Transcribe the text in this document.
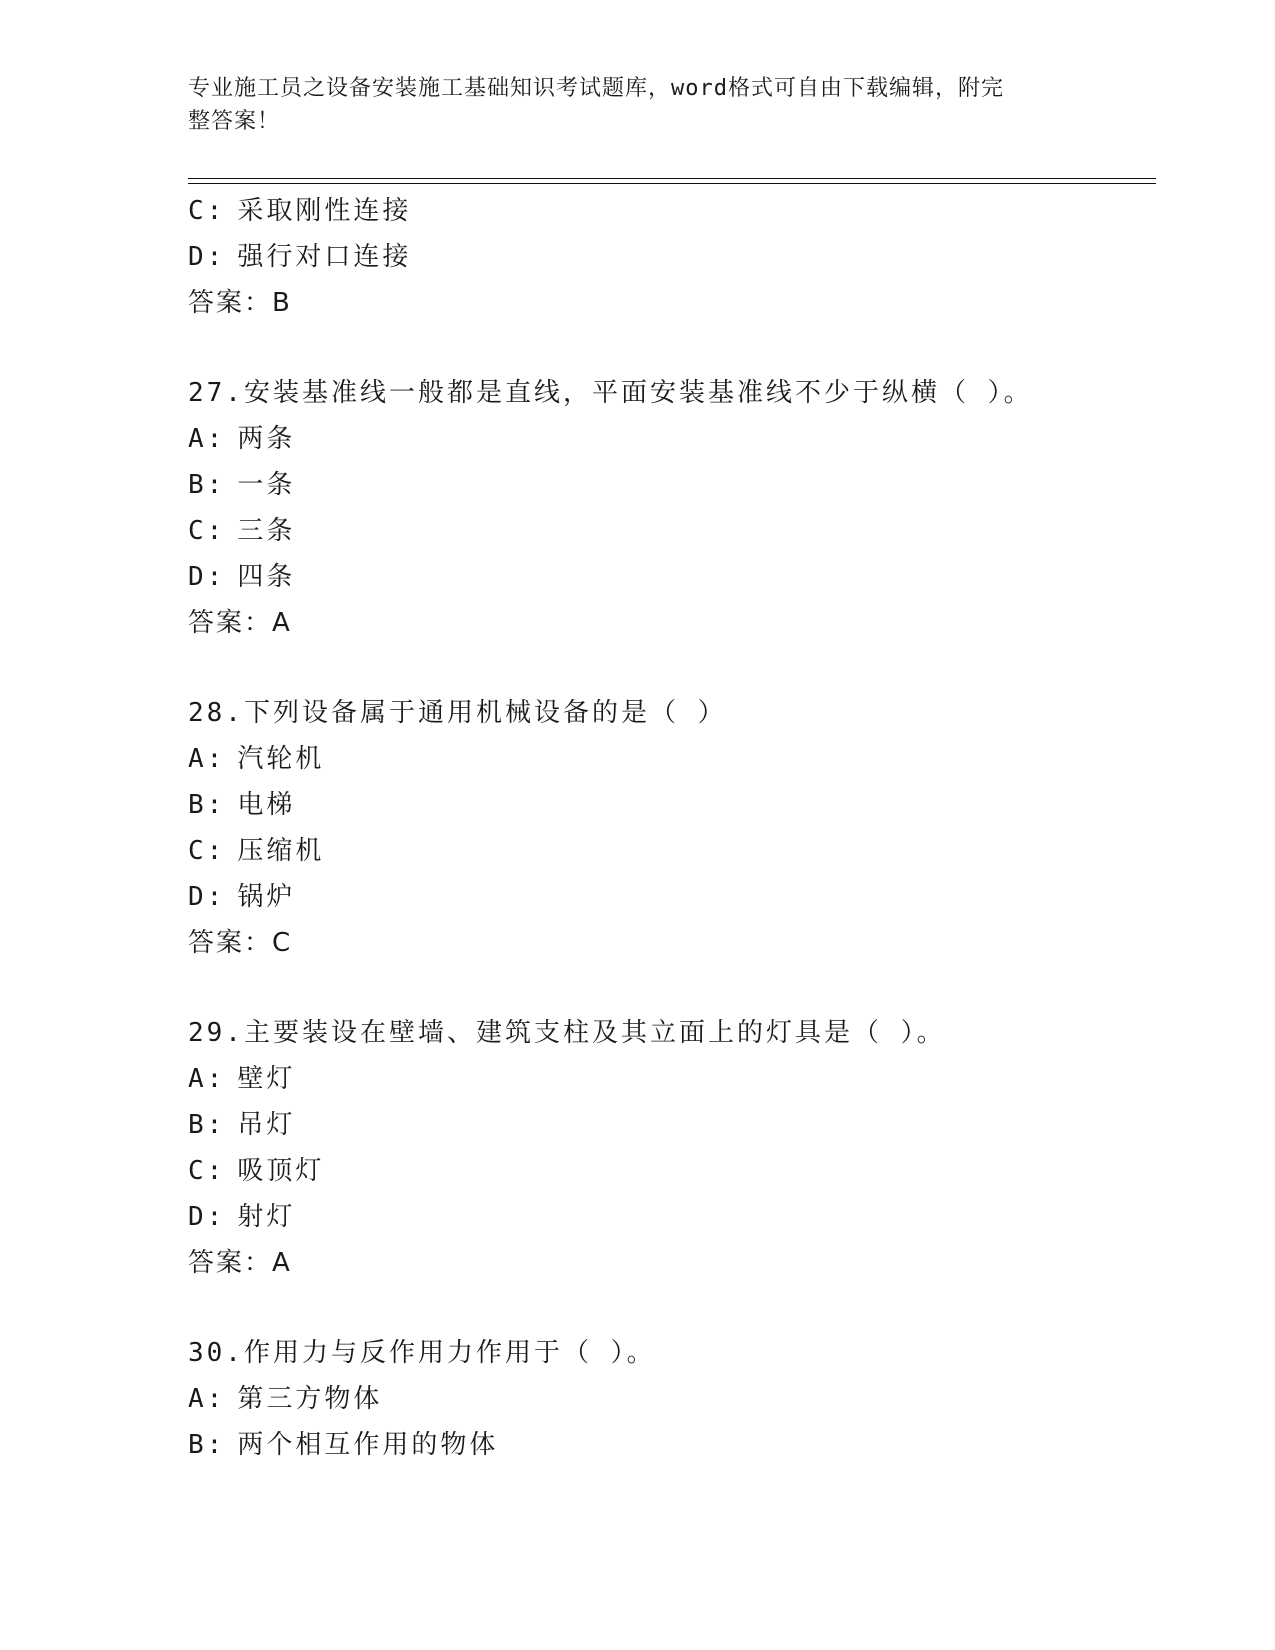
专业施工员之设备安装施工基础知识考试题库，word格式可自由下载编辑，附完
整答案！
C: 采取刚性连接
D: 强行对口连接
答案：B
27.安装基准线一般都是直线，平面安装基准线不少于纵横（ ）。
A: 两条
B: 一条
C: 三条
D: 四条
答案：A
28.下列设备属于通用机械设备的是（ ）
A: 汽轮机
B: 电梯
C: 压缩机
D: 锅炉
答案：C
29.主要装设在壁墙、建筑支柱及其立面上的灯具是（ ）。
A: 壁灯
B: 吊灯
C: 吸顶灯
D: 射灯
答案：A
30.作用力与反作用力作用于（ ）。
A: 第三方物体
B: 两个相互作用的物体
